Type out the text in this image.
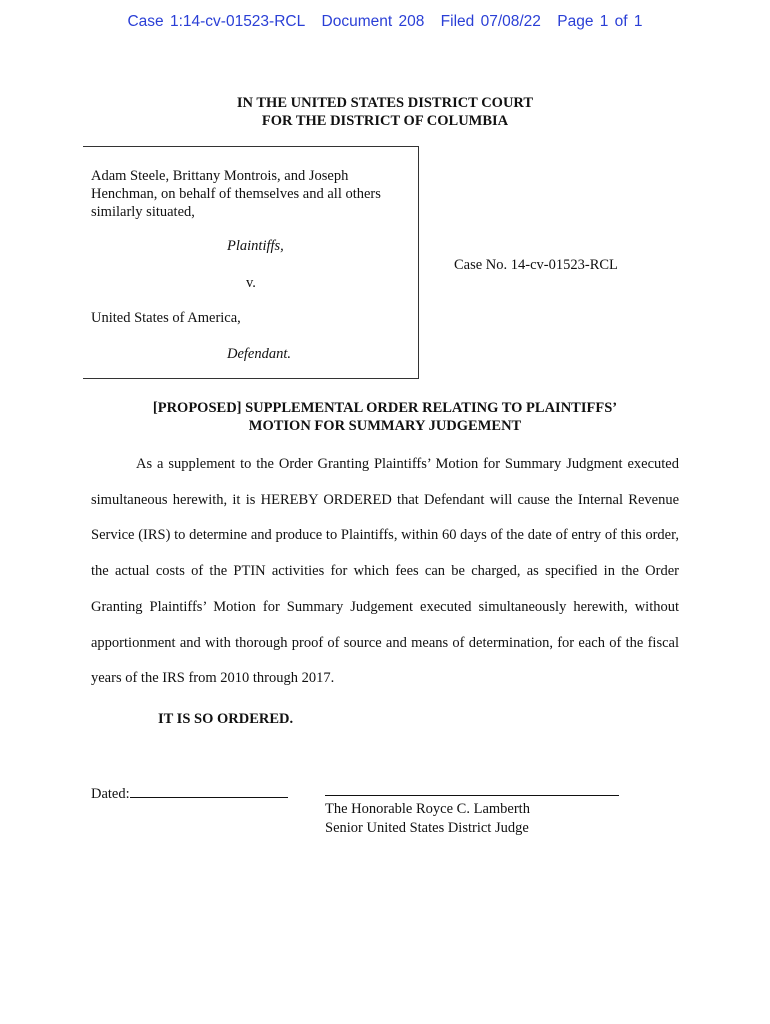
Case 1:14-cv-01523-RCL Document 208 Filed 07/08/22 Page 1 of 1
IN THE UNITED STATES DISTRICT COURT
FOR THE DISTRICT OF COLUMBIA
Adam Steele, Brittany Montrois, and Joseph Henchman, on behalf of themselves and all others similarly situated,
Plaintiffs,
v.
United States of America,
Defendant.
Case No. 14-cv-01523-RCL
[PROPOSED] SUPPLEMENTAL ORDER RELATING TO PLAINTIFFS’
MOTION FOR SUMMARY JUDGEMENT
As a supplement to the Order Granting Plaintiffs’ Motion for Summary Judgment executed simultaneous herewith, it is HEREBY ORDERED that Defendant will cause the Internal Revenue Service (IRS) to determine and produce to Plaintiffs, within 60 days of the date of entry of this order, the actual costs of the PTIN activities for which fees can be charged, as specified in the Order Granting Plaintiffs’ Motion for Summary Judgement executed simultaneously herewith, without apportionment and with thorough proof of source and means of determination, for each of the fiscal years of the IRS from 2010 through 2017.
IT IS SO ORDERED.
Dated:
The Honorable Royce C. Lamberth
Senior United States District Judge
